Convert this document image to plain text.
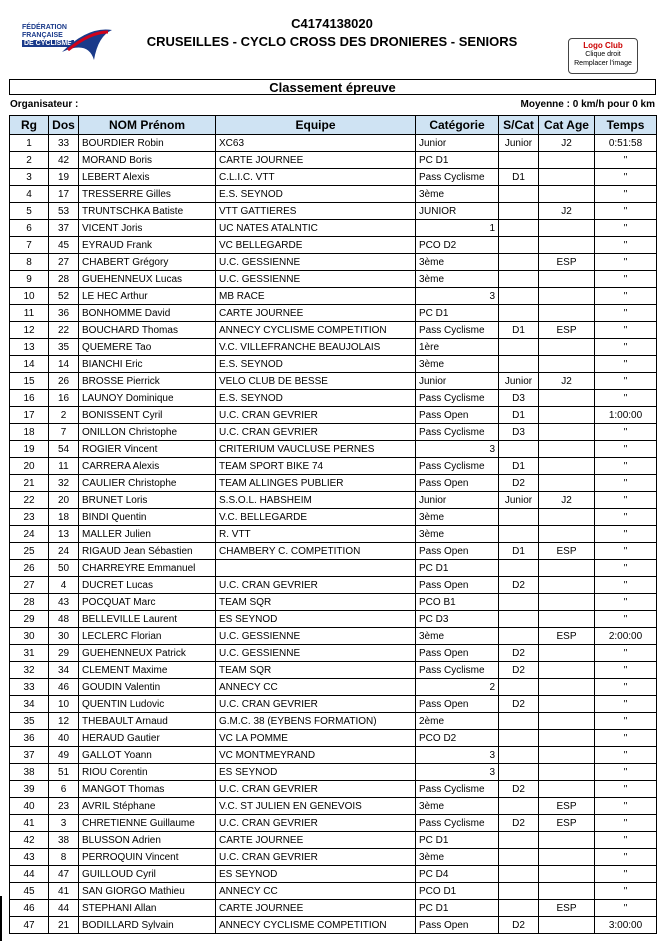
FÉDÉRATION
FRANÇAISE
DE CYCLISME
C4174138020
CRUSEILLES - CYCLO CROSS DES DRONIERES - SENIORS	Logo Club
Clique droit
Remplacer l'image
Classement épreuve
Organisateur :	Moyenne : 0 km/h pour 0 km
Rg	Dos	NOM Prénom	Equipe	Catégorie	S/Cat	Cat Age	Temps
1	33	BOURDIER Robin	XC63	Junior	Junior	J2	0:51:58
2	42	MORAND Boris	CARTE JOURNEE	PC D1			"
3	19	LEBERT Alexis	C.L.I.C. VTT	Pass Cyclisme	D1		"
4	17	TRESSERRE Gilles	E.S. SEYNOD	3ème			"
5	53	TRUNTSCHKA Batiste	VTT GATTIERES	JUNIOR		J2	"
6	37	VICENT Joris	UC NATES ATALNTIC	1			"
7	45	EYRAUD Frank	VC BELLEGARDE	PCO D2			"
8	27	CHABERT Grégory	U.C. GESSIENNE	3ème		ESP	"
9	28	GUEHENNEUX Lucas	U.C. GESSIENNE	3ème			"
10	52	LE HEC Arthur	MB RACE	3			"
11	36	BONHOMME David	CARTE JOURNEE	PC D1			"
12	22	BOUCHARD Thomas	ANNECY CYCLISME COMPETITION	Pass Cyclisme	D1	ESP	"
13	35	QUEMERE Tao	V.C. VILLEFRANCHE BEAUJOLAIS	1ère			"
14	14	BIANCHI Eric	E.S. SEYNOD	3ème			"
15	26	BROSSE Pierrick	VELO CLUB DE BESSE	Junior	Junior	J2	"
16	16	LAUNOY Dominique	E.S. SEYNOD	Pass Cyclisme	D3		"
17	2	BONISSENT Cyril	U.C. CRAN GEVRIER	Pass Open	D1		1:00:00
18	7	ONILLON Christophe	U.C. CRAN GEVRIER	Pass Cyclisme	D3		"
19	54	ROGIER Vincent	CRITERIUM VAUCLUSE PERNES	3			"
20	11	CARRERA Alexis	TEAM SPORT BIKE 74	Pass Cyclisme	D1		"
21	32	CAULIER Christophe	TEAM ALLINGES PUBLIER	Pass Open	D2		"
22	20	BRUNET Loris	S.S.O.L. HABSHEIM	Junior	Junior	J2	"
23	18	BINDI Quentin	V.C. BELLEGARDE	3ème			"
24	13	MALLER Julien	R. VTT	3ème			"
25	24	RIGAUD Jean Sébastien	CHAMBERY C. COMPETITION	Pass Open	D1	ESP	"
26	50	CHARREYRE Emmanuel		PC D1			"
27	4	DUCRET Lucas	U.C. CRAN GEVRIER	Pass Open	D2		"
28	43	POCQUAT Marc	TEAM SQR	PCO B1			"
29	48	BELLEVILLE Laurent	ES SEYNOD	PC D3			"
30	30	LECLERC Florian	U.C. GESSIENNE	3ème		ESP	2:00:00
31	29	GUEHENNEUX Patrick	U.C. GESSIENNE	Pass Open	D2		"
32	34	CLEMENT Maxime	TEAM SQR	Pass Cyclisme	D2		"
33	46	GOUDIN Valentin	ANNECY CC	2			"
34	10	QUENTIN Ludovic	U.C. CRAN GEVRIER	Pass Open	D2		"
35	12	THEBAULT Arnaud	G.M.C. 38 (EYBENS FORMATION)	2ème			"
36	40	HERAUD Gautier	VC LA POMME	PCO D2			"
37	49	GALLOT Yoann	VC MONTMEYRAND	3			"
38	51	RIOU Corentin	ES SEYNOD	3			"
39	6	MANGOT Thomas	U.C. CRAN GEVRIER	Pass Cyclisme	D2		"
40	23	AVRIL Stéphane	V.C. ST JULIEN EN GENEVOIS	3ème		ESP	"
41	3	CHRETIENNE Guillaume	U.C. CRAN GEVRIER	Pass Cyclisme	D2	ESP	"
42	38	BLUSSON Adrien	CARTE JOURNEE	PC D1			"
43	8	PERROQUIN Vincent	U.C. CRAN GEVRIER	3ème			"
44	47	GUILLOUD Cyril	ES SEYNOD	PC D4			"
45	41	SAN GIORGO Mathieu	ANNECY CC	PCO D1			"
46	44	STEPHANI Allan	CARTE JOURNEE	PC D1		ESP	"
47	21	BODILLARD Sylvain	ANNECY CYCLISME COMPETITION	Pass Open	D2		3:00:00
